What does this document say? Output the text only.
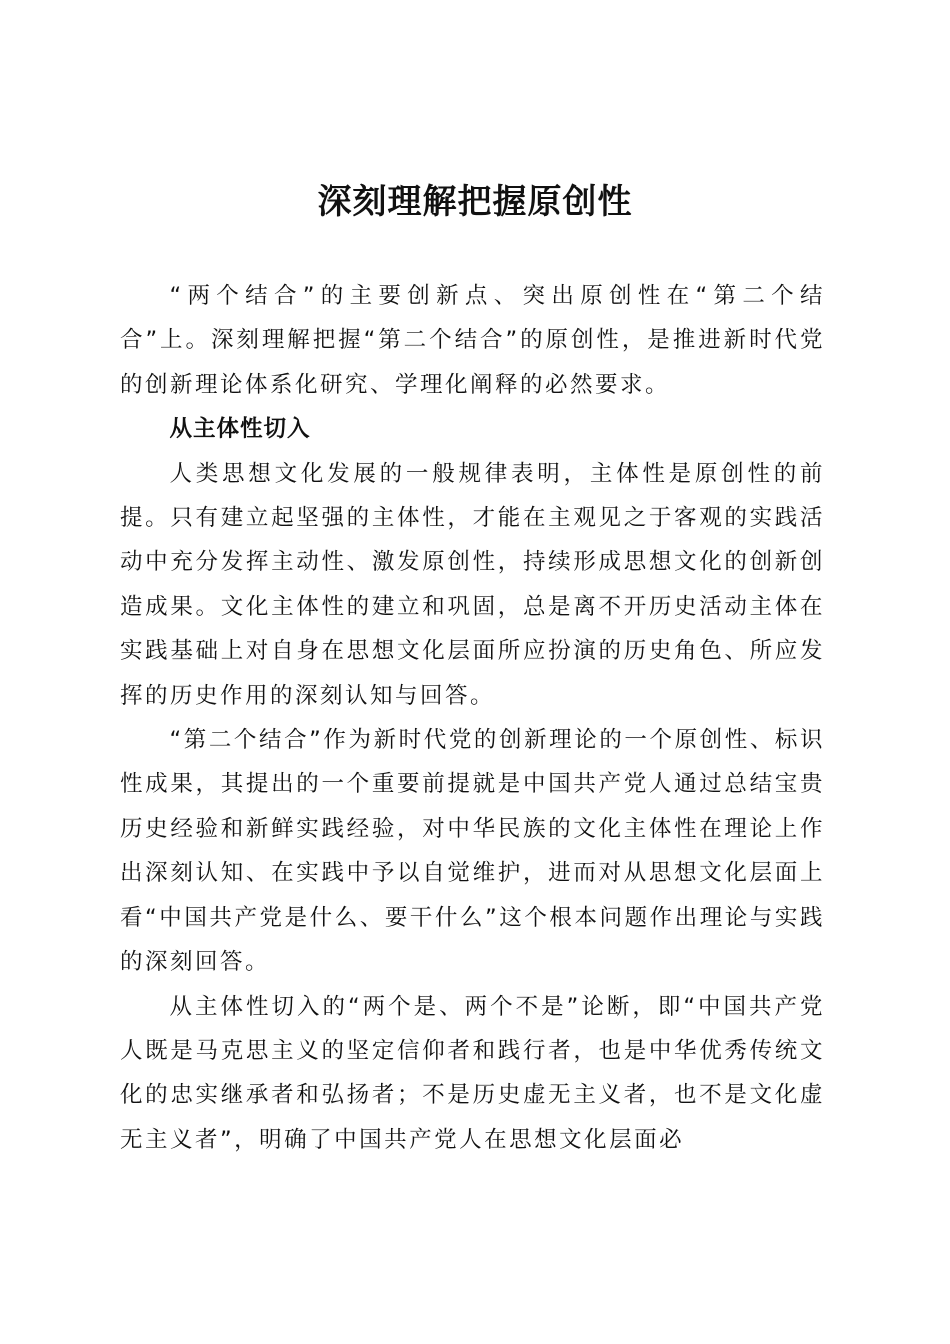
深刻理解把握原创性

“两个结合”的主要创新点、突出原创性在“第二个结合”上。深刻理解把握“第二个结合”的原创性，是推进新时代党的创新理论体系化研究、学理化阐释的必然要求。

从主体性切入

人类思想文化发展的一般规律表明，主体性是原创性的前提。只有建立起坚强的主体性，才能在主观见之于客观的实践活动中充分发挥主动性、激发原创性，持续形成思想文化的创新创造成果。文化主体性的建立和巩固，总是离不开历史活动主体在实践基础上对自身在思想文化层面所应扮演的历史角色、所应发挥的历史作用的深刻认知与回答。

“第二个结合”作为新时代党的创新理论的一个原创性、标识性成果，其提出的一个重要前提就是中国共产党人通过总结宝贵历史经验和新鲜实践经验，对中华民族的文化主体性在理论上作出深刻认知、在实践中予以自觉维护，进而对从思想文化层面上看“中国共产党是什么、要干什么”这个根本问题作出理论与实践的深刻回答。

从主体性切入的“两个是、两个不是”论断，即“中国共产党人既是马克思主义的坚定信仰者和践行者，也是中华优秀传统文化的忠实继承者和弘扬者；不是历史虚无主义者，也不是文化虚无主义者”，明确了中国共产党人在思想文化层面必
